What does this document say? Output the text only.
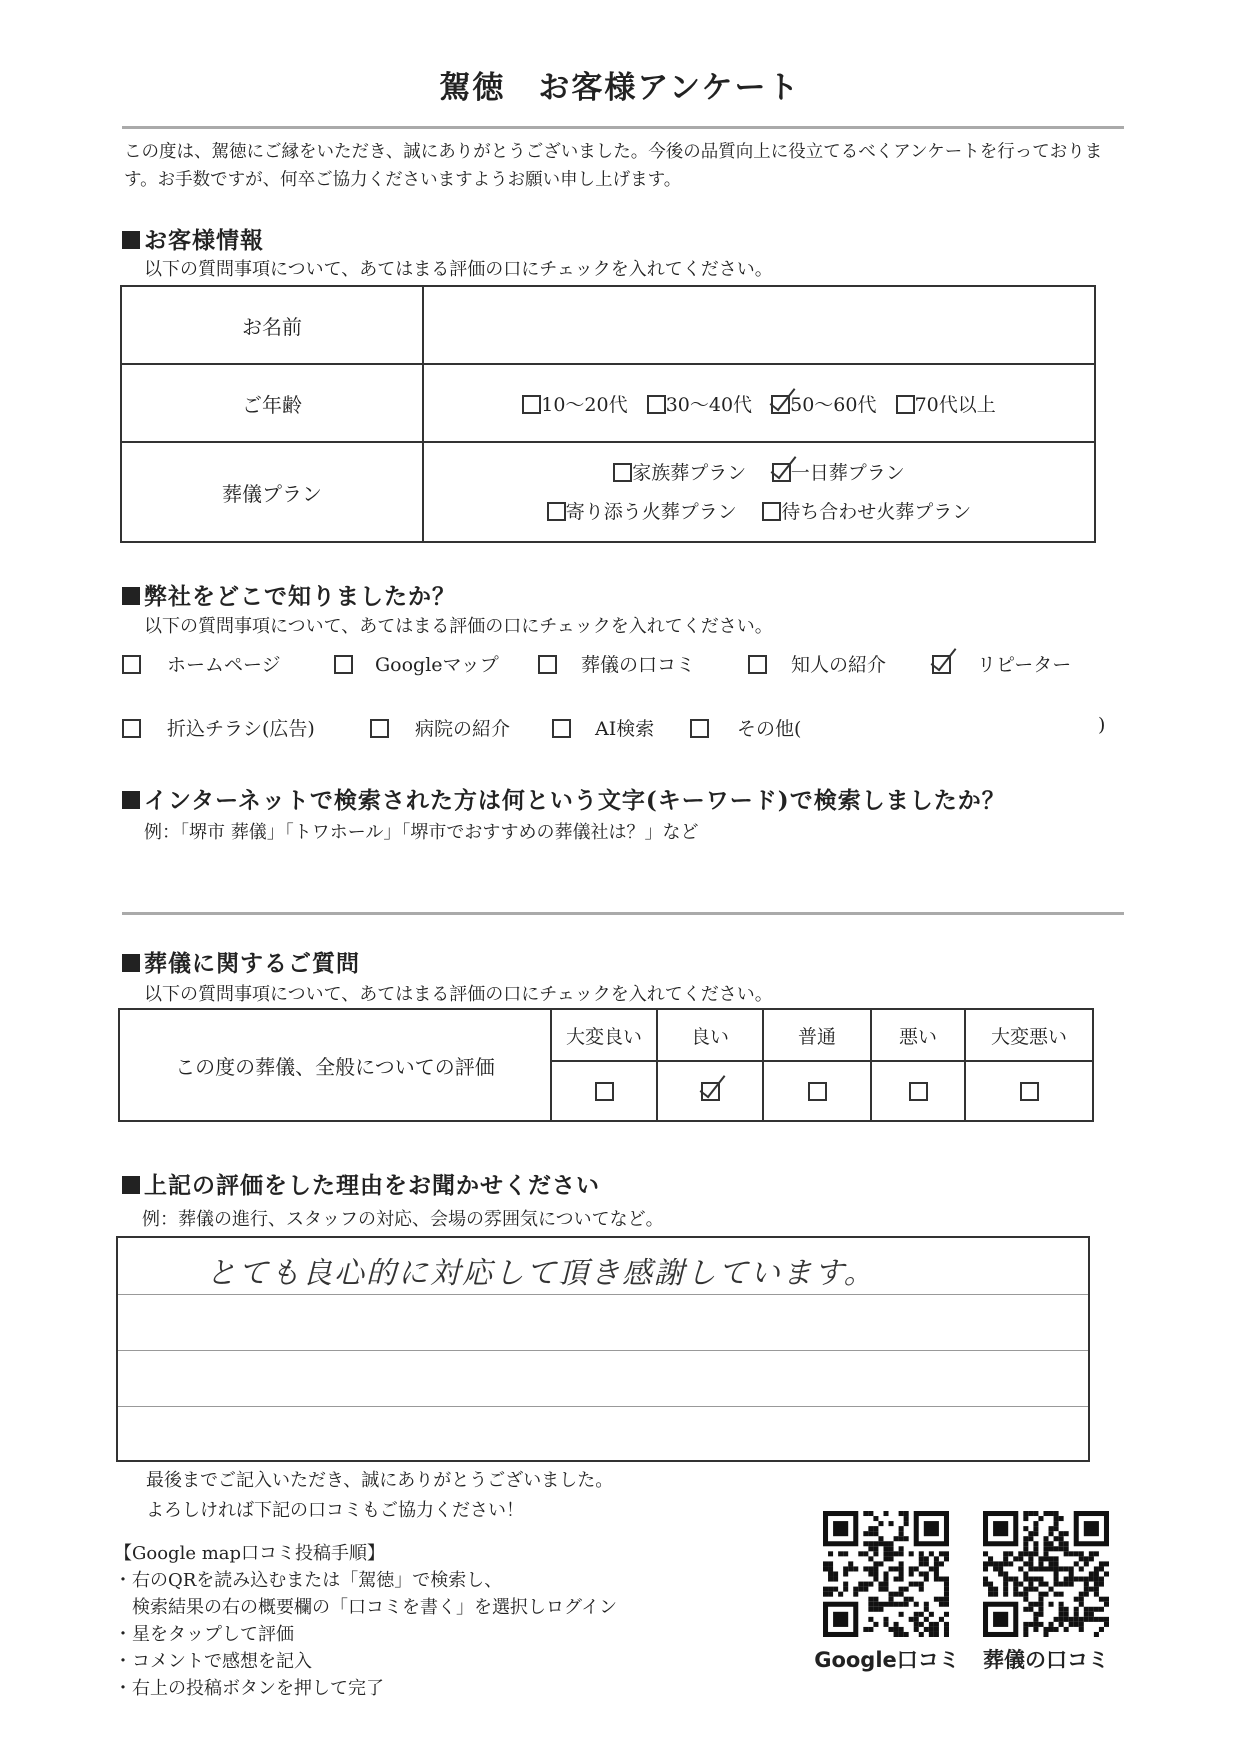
駕徳　お客様アンケート
この度は、駕徳にご縁をいただき、誠にありがとうございました。今後の品質向上に役立てるべくアンケートを行っております。お手数ですが、何卒ご協力くださいますようお願い申し上げます。
お客様情報
以下の質問事項について、あてはまる評価の口にチェックを入れてください。
お名前	
ご年齢	10～20代 30～40代 50～60代 70代以上
葬儀プラン	家族葬プラン 一日葬プラン
寄り添う火葬プラン 待ち合わせ火葬プラン
弊社をどこで知りましたか？
以下の質問事項について、あてはまる評価の口にチェックを入れてください。
ホームページ	Googleマップ	葬儀の口コミ	知人の紹介	リピーター
折込チラシ(広告)	病院の紹介	AI検索	その他(	)
インターネットで検索された方は何という文字(キーワード)で検索しましたか？
例：「堺市 葬儀」「トワホール」「堺市でおすすめの葬儀社は？」など
葬儀に関するご質問
以下の質問事項について、あてはまる評価の口にチェックを入れてください。
この度の葬儀、全般についての評価	大変良い	良い	普通	悪い	大変悪い

上記の評価をした理由をお聞かせください
例：葬儀の進行、スタッフの対応、会場の雰囲気についてなど。
とても良心的に対応して頂き感謝しています。
最後までご記入いただき、誠にありがとうございました。
よろしければ下記の口コミもご協力ください！
【Google map口コミ投稿手順】
・右のQRを読み込むまたは「駕徳」で検索し、
　検索結果の右の概要欄の「口コミを書く」を選択しログイン
・星をタップして評価
・コメントで感想を記入
・右上の投稿ボタンを押して完了
Google口コミ	葬儀の口コミ
